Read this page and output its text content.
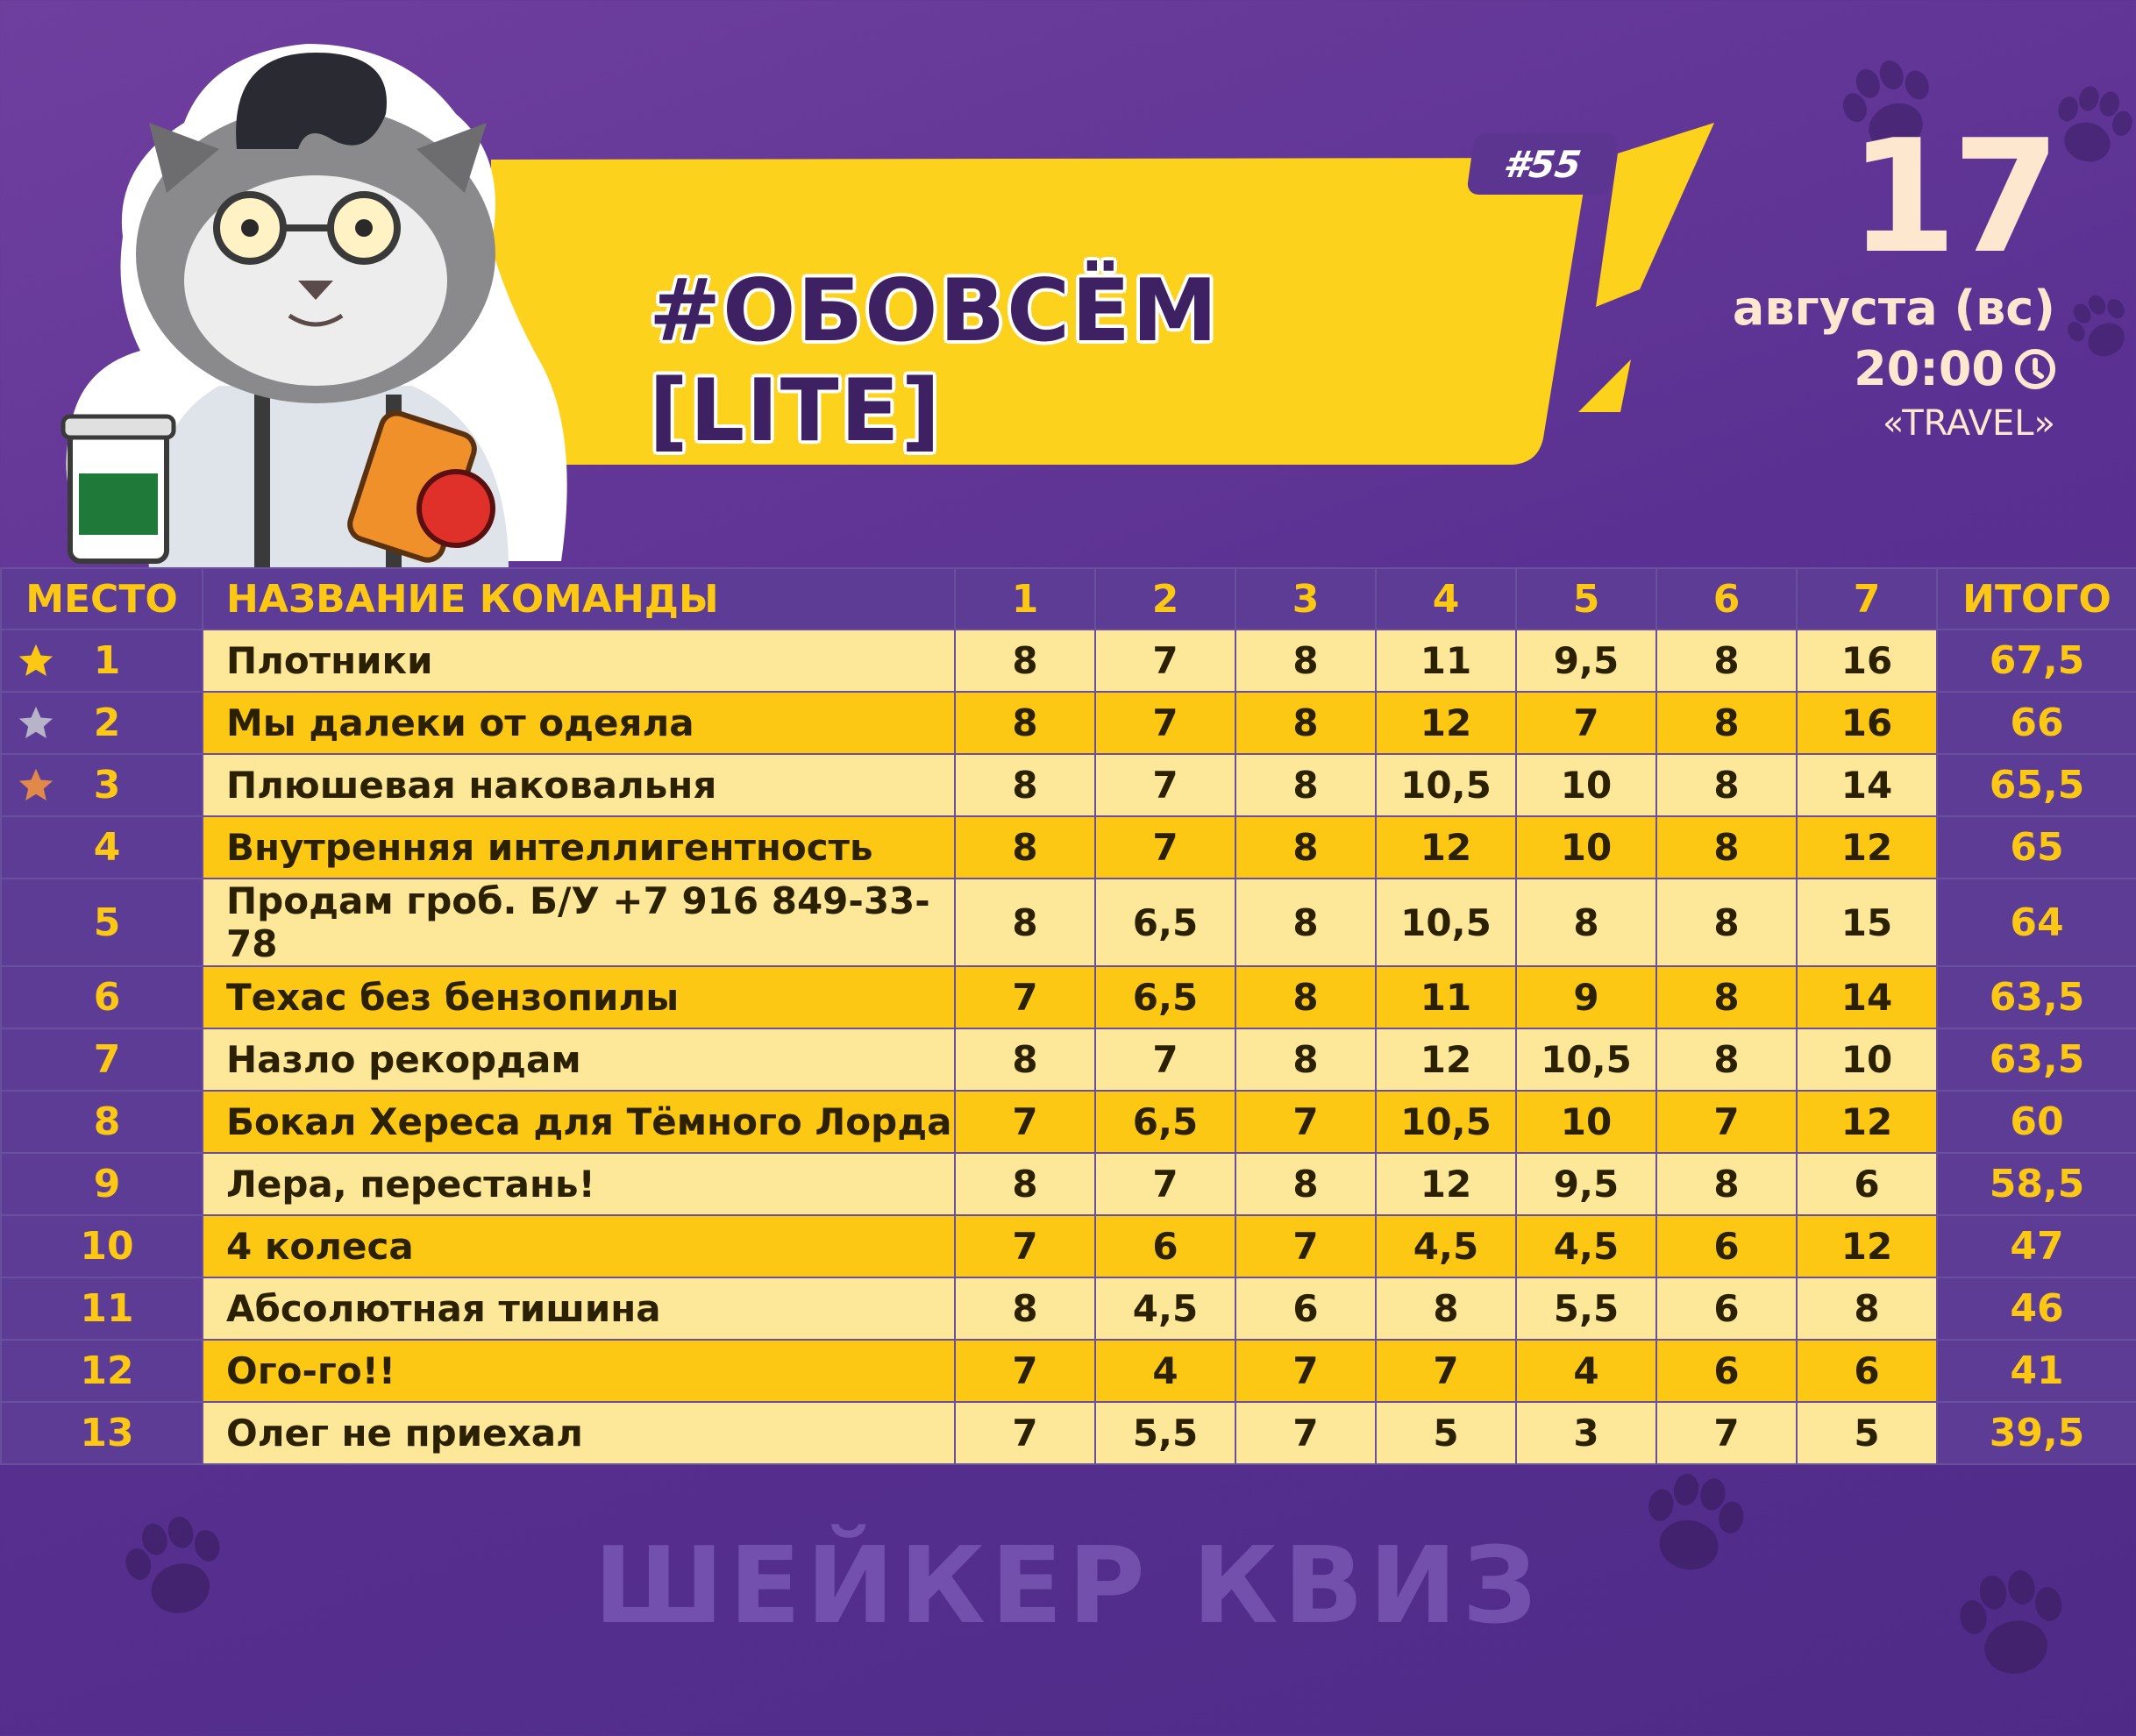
#55
#ОБОВСЁМ [LITE]
17
августа (вс)
20:00
«TRAVEL»
МЕСТО	НАЗВАНИЕ КОМАНДЫ	1	2	3	4	5	6	7	ИТОГО

1	Плотники	8	7	8	11	9,5	8	16	67,5

2	Мы далеки от одеяла	8	7	8	12	7	8	16	66

3	Плюшевая наковальня	8	7	8	10,5	10	8	14	65,5
4	Внутренняя интеллигентность	8	7	8	12	10	8	12	65
5	Продам гроб. Б/У +7 916 849-33-78	8	6,5	8	10,5	8	8	15	64
6	Техас без бензопилы	7	6,5	8	11	9	8	14	63,5
7	Назло рекордам	8	7	8	12	10,5	8	10	63,5
8	Бокал Хереса для Тёмного Лорда	7	6,5	7	10,5	10	7	12	60
9	Лера, перестань!	8	7	8	12	9,5	8	6	58,5
10	4 колеса	7	6	7	4,5	4,5	6	12	47
11	Абсолютная тишина	8	4,5	6	8	5,5	6	8	46
12	Ого-го!!	7	4	7	7	4	6	6	41
13	Олег не приехал	7	5,5	7	5	3	7	5	39,5
ШЕЙКЕР КВИЗ
